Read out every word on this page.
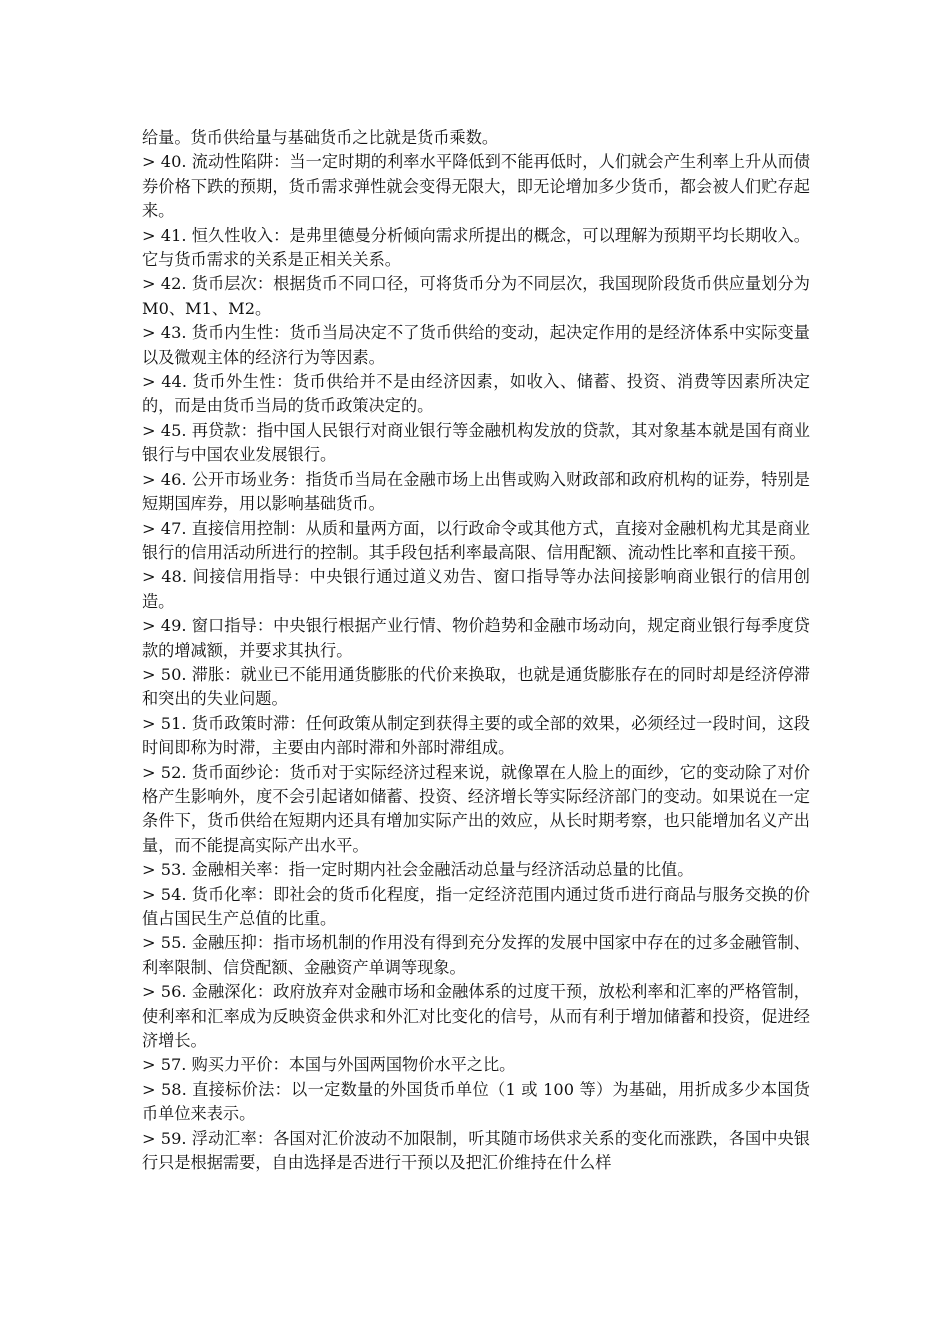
给量。货币供给量与基础货币之比就是货币乘数。

> 40. 流动性陷阱：当一定时期的利率水平降低到不能再低时，人们就会产生利率上升从而债券价格下跌的预期，货币需求弹性就会变得无限大，即无论增加多少货币，都会被人们贮存起来。

> 41. 恒久性收入：是弗里德曼分析倾向需求所提出的概念，可以理解为预期平均长期收入。它与货币需求的关系是正相关关系。

> 42. 货币层次：根据货币不同口径，可将货币分为不同层次，我国现阶段货币供应量划分为 M0、M1、M2。

> 43. 货币内生性：货币当局决定不了货币供给的变动，起决定作用的是经济体系中实际变量以及微观主体的经济行为等因素。

> 44. 货币外生性：货币供给并不是由经济因素，如收入、储蓄、投资、消费等因素所决定的，而是由货币当局的货币政策决定的。

> 45. 再贷款：指中国人民银行对商业银行等金融机构发放的贷款，其对象基本就是国有商业银行与中国农业发展银行。

> 46. 公开市场业务：指货币当局在金融市场上出售或购入财政部和政府机构的证券，特别是短期国库券，用以影响基础货币。

> 47. 直接信用控制：从质和量两方面，以行政命令或其他方式，直接对金融机构尤其是商业银行的信用活动所进行的控制。其手段包括利率最高限、信用配额、流动性比率和直接干预。

> 48. 间接信用指导：中央银行通过道义劝告、窗口指导等办法间接影响商业银行的信用创造。

> 49. 窗口指导：中央银行根据产业行情、物价趋势和金融市场动向，规定商业银行每季度贷款的增减额，并要求其执行。

> 50. 滞胀：就业已不能用通货膨胀的代价来换取，也就是通货膨胀存在的同时却是经济停滞和突出的失业问题。

> 51. 货币政策时滞：任何政策从制定到获得主要的或全部的效果，必须经过一段时间，这段时间即称为时滞，主要由内部时滞和外部时滞组成。

> 52. 货币面纱论：货币对于实际经济过程来说，就像罩在人脸上的面纱，它的变动除了对价格产生影响外，度不会引起诸如储蓄、投资、经济增长等实际经济部门的变动。如果说在一定条件下，货币供给在短期内还具有增加实际产出的效应，从长时期考察，也只能增加名义产出量，而不能提高实际产出水平。

> 53. 金融相关率：指一定时期内社会金融活动总量与经济活动总量的比值。

> 54. 货币化率：即社会的货币化程度，指一定经济范围内通过货币进行商品与服务交换的价值占国民生产总值的比重。

> 55. 金融压抑：指市场机制的作用没有得到充分发挥的发展中国家中存在的过多金融管制、利率限制、信贷配额、金融资产单调等现象。

> 56. 金融深化：政府放弃对金融市场和金融体系的过度干预，放松利率和汇率的严格管制，使利率和汇率成为反映资金供求和外汇对比变化的信号，从而有利于增加储蓄和投资，促进经济增长。

> 57. 购买力平价：本国与外国两国物价水平之比。

> 58. 直接标价法：以一定数量的外国货币单位（1 或 100 等）为基础，用折成多少本国货币单位来表示。

> 59. 浮动汇率：各国对汇价波动不加限制，听其随市场供求关系的变化而涨跌，各国中央银行只是根据需要，自由选择是否进行干预以及把汇价维持在什么样
